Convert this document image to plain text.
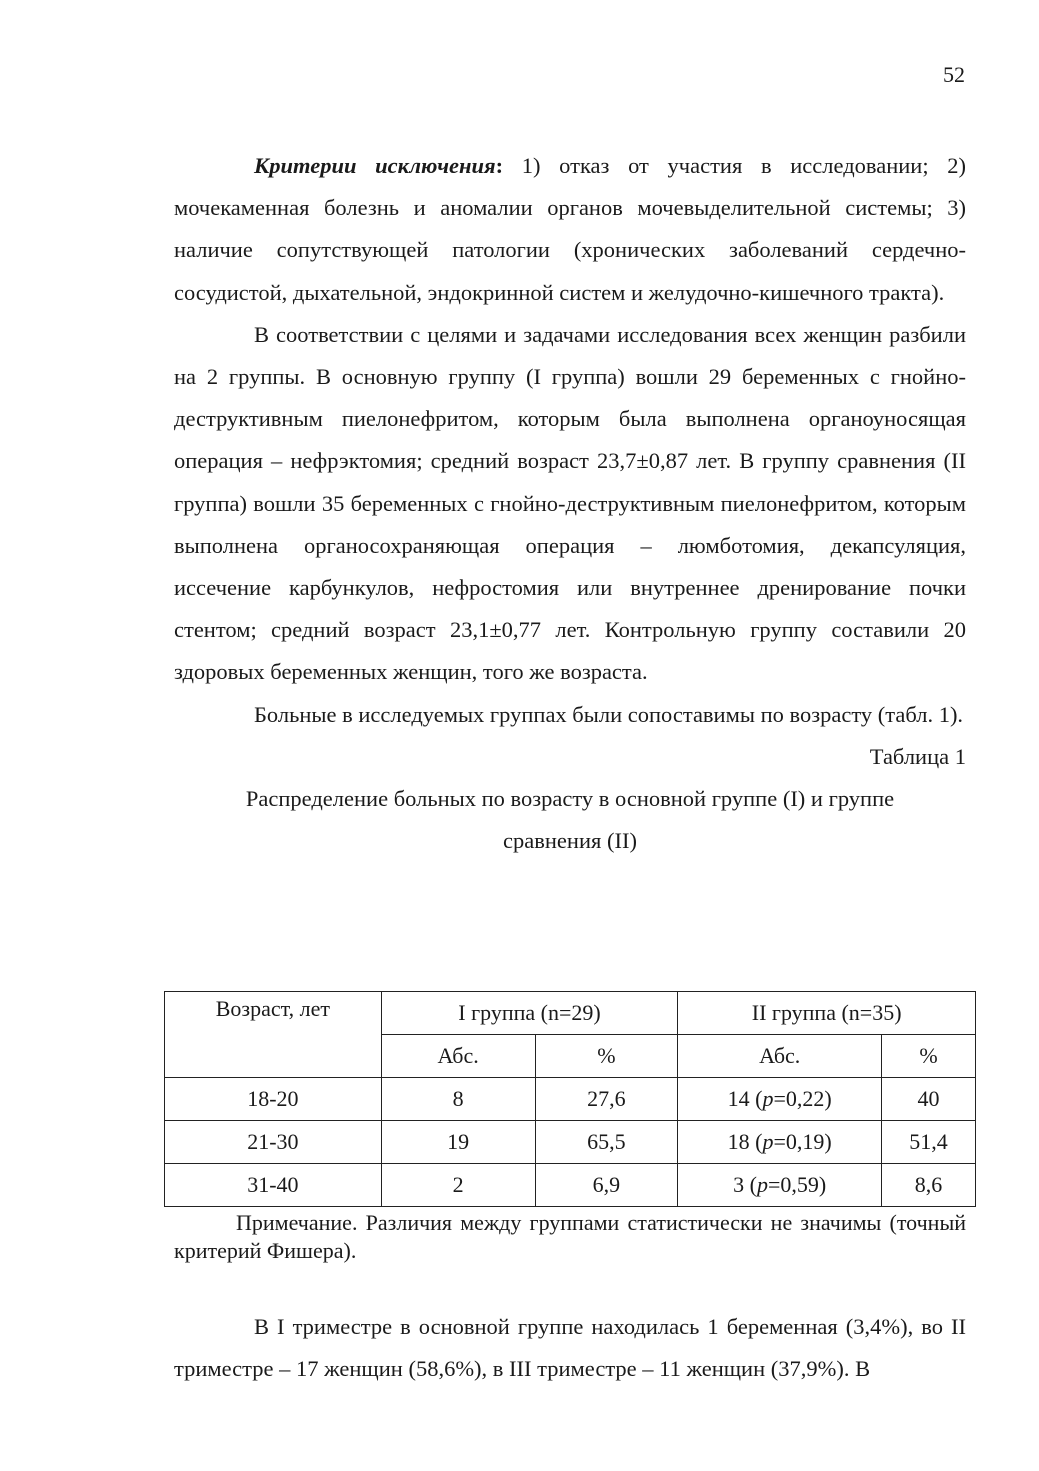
52

Критерии исключения: 1) отказ от участия в исследовании; 2) мочекаменная болезнь и аномалии органов мочевыделительной системы; 3) наличие сопутствующей патологии (хронических заболеваний сердечно-сосудистой, дыхательной, эндокринной систем и желудочно-кишечного тракта).

В соответствии с целями и задачами исследования всех женщин разбили на 2 группы. В основную группу (I группа) вошли 29 беременных с гнойно-деструктивным пиелонефритом, которым была выполнена органоуносящая операция – нефрэктомия; средний возраст 23,7±0,87 лет. В группу сравнения (II группа) вошли 35 беременных с гнойно-деструктивным пиелонефритом, которым выполнена органосохраняющая операция – люмботомия, декапсуляция, иссечение карбункулов, нефростомия или внутреннее дренирование почки стентом; средний возраст 23,1±0,77 лет. Контрольную группу составили 20 здоровых беременных женщин, того же возраста.

Больные в исследуемых группах были сопоставимы по возрасту (табл. 1).

Таблица 1

Распределение больных по возрасту в основной группе (I) и группе

сравнения (II)

Возраст, лет	I группа (n=29)		II группа (n=35)	
	Абс.	%	Абс.	%
18-20	8	27,6	14 (p=0,22)	40
21-30	19	65,5	18 (p=0,19)	51,4
31-40	2	6,9	3 (p=0,59)	8,6

Примечание. Различия между группами статистически не значимы (точный критерий Фишера).

В I триместре в основной группе находилась 1 беременная (3,4%), во II триместре – 17 женщин (58,6%), в III триместре – 11 женщин (37,9%). В
